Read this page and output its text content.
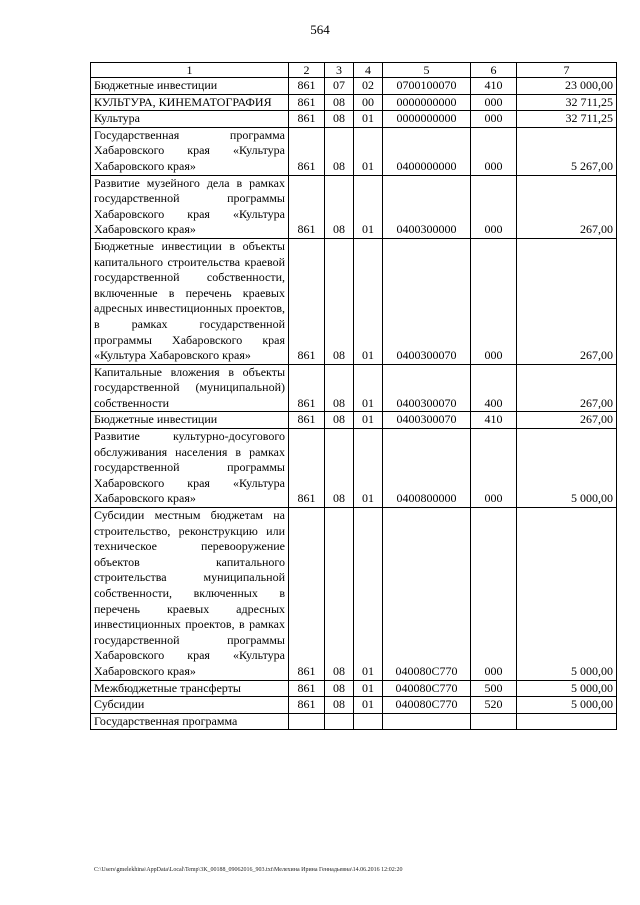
564
1	2	3	4	5	6	7
Бюджетные инвестиции	861	07	02	0700100070	410	23 000,00
КУЛЬТУРА, КИНЕМАТОГРАФИЯ	861	08	00	0000000000	000	32 711,25
Культура	861	08	01	0000000000	000	32 711,25
Государственная программа Хабаровского края «Культура Хабаровского края»	861	08	01	0400000000	000	5 267,00
Развитие музейного дела в рамках государственной программы Хабаровского края «Культура Хабаровского края»	861	08	01	0400300000	000	267,00
Бюджетные инвестиции в объекты капитального строительства краевой государственной собственности, включенные в перечень краевых адресных инвестиционных проектов, в рамках государственной программы Хабаровского края «Культура Хабаровского края»	861	08	01	0400300070	000	267,00
Капитальные вложения в объекты государственной (муниципальной) собственности	861	08	01	0400300070	400	267,00
Бюджетные инвестиции	861	08	01	0400300070	410	267,00
Развитие культурно-досугового обслуживания населения в рамках государственной программы Хабаровского края «Культура Хабаровского края»	861	08	01	0400800000	000	5 000,00
Субсидии местным бюджетам на строительство, реконструкцию или техническое перевооружение объектов капитального строительства муниципальной собственности, включенных в перечень краевых адресных инвестиционных проектов, в рамках государственной программы Хабаровского края «Культура Хабаровского края»	861	08	01	040080С770	000	5 000,00
Межбюджетные трансферты	861	08	01	040080С770	500	5 000,00
Субсидии	861	08	01	040080С770	520	5 000,00
Государственная программа						
C:\Users\gmelekhina\AppData\Local\Temp\3K_00188_09062016_903.txt\Мелехина Ирина Геннадьевна\14.06.2016 12:02:20
